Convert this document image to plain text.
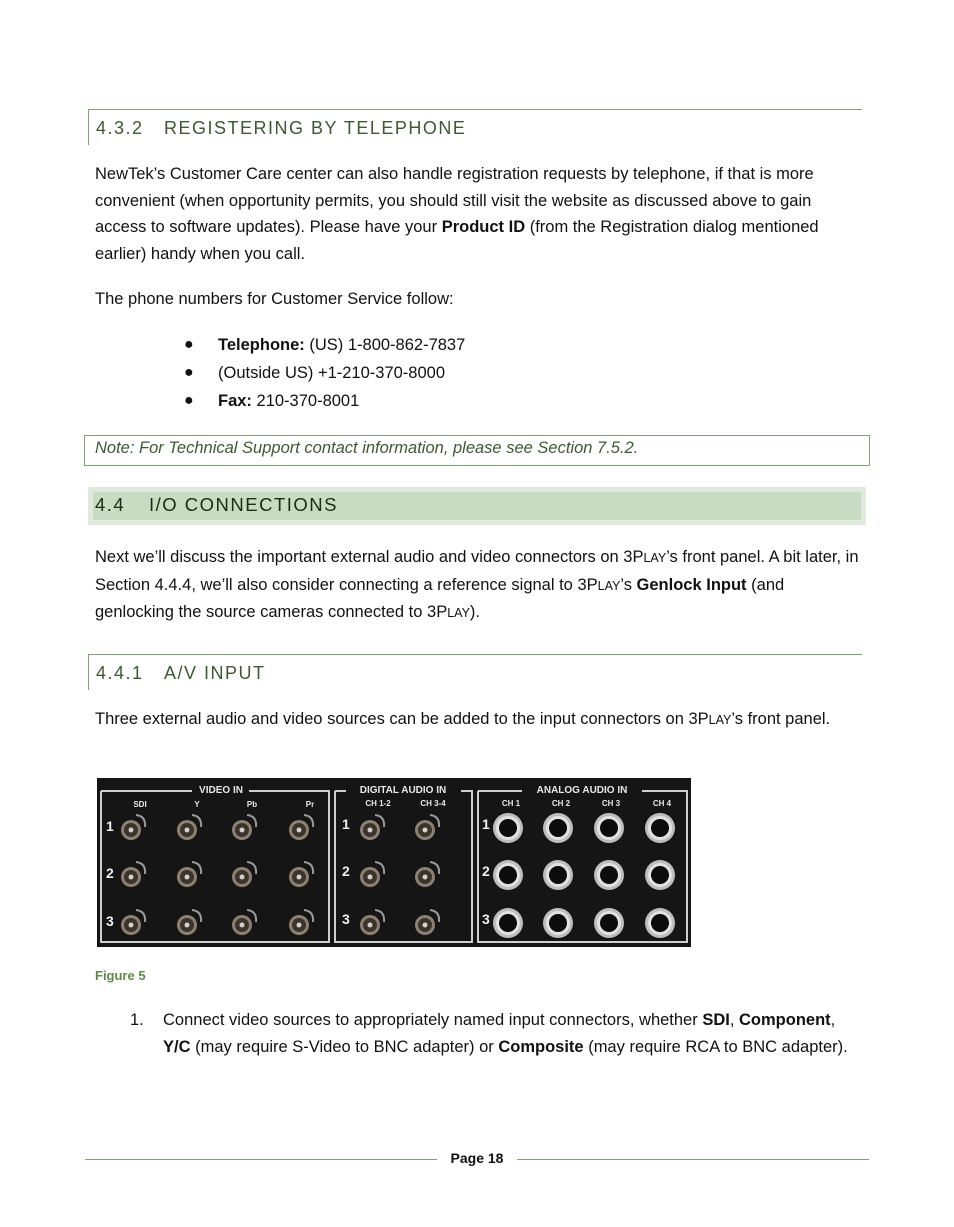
4.3.2 REGISTERING BY TELEPHONE
NewTek’s Customer Care center can also handle registration requests by telephone, if that is more convenient (when opportunity permits, you should still visit the website as discussed above to gain access to software updates). Please have your Product ID (from the Registration dialog mentioned earlier) handy when you call.
The phone numbers for Customer Service follow:
●	Telephone: (US) 1-800-862-7837
●	(Outside US) +1-210-370-8000
●	Fax: 210-370-8001
Note: For Technical Support contact information, please see Section 7.5.2.
4.4 I/O CONNECTIONS
Next we’ll discuss the important external audio and video connectors on 3PLAY’s front panel. A bit later, in Section 4.4.4, we’ll also consider connecting a reference signal to 3PLAY’s Genlock Input (and genlocking the source cameras connected to 3PLAY).
4.4.1 A/V INPUT
Three external audio and video sources can be added to the input connectors on 3PLAY’s front panel.
VIDEO IN	DIGITAL AUDIO IN	ANALOG AUDIO IN
SDI	Y	Pb	Pr	CH 1-2	CH 3-4	CH 1	CH 2	CH 3	CH 4
1
2
3
1
2
3
1
2
3
Figure 5
1.	Connect video sources to appropriately named input connectors, whether SDI, Component, Y/C (may require S-Video to BNC adapter) or Composite (may require RCA to BNC adapter).
Page 18
